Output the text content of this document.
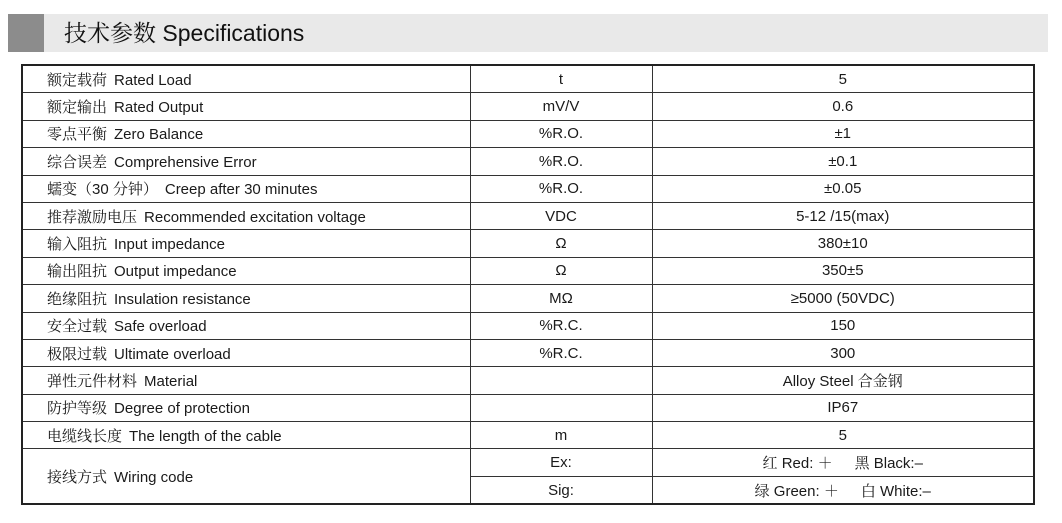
技术参数 Specifications
额定载荷 Rated Load	t	5
额定输出 Rated Output	mV/V	0.6
零点平衡 Zero Balance	%R.O.	±1
综合误差 Comprehensive Error	%R.O.	±0.1
蠕变（30 分钟） Creep after 30 minutes	%R.O.	±0.05
推荐激励电压 Recommended excitation voltage	VDC	5-12 /15(max)
输入阻抗 Input impedance	Ω	380±10
输出阻抗 Output impedance	Ω	350±5
绝缘阻抗 Insulation resistance	MΩ	≥5000 (50VDC)
安全过载 Safe overload	%R.C.	150
极限过载 Ultimate overload	%R.C.	300
弹性元件材料 Material		Alloy Steel 合金钢
防护等级 Degree of protection		IP67
电缆线长度 The length of the cable	m	5
接线方式 Wiring code	Ex:	红 Red: ＋ 黑 Black:–
	Sig:	绿 Green: ＋ 白 White:–
